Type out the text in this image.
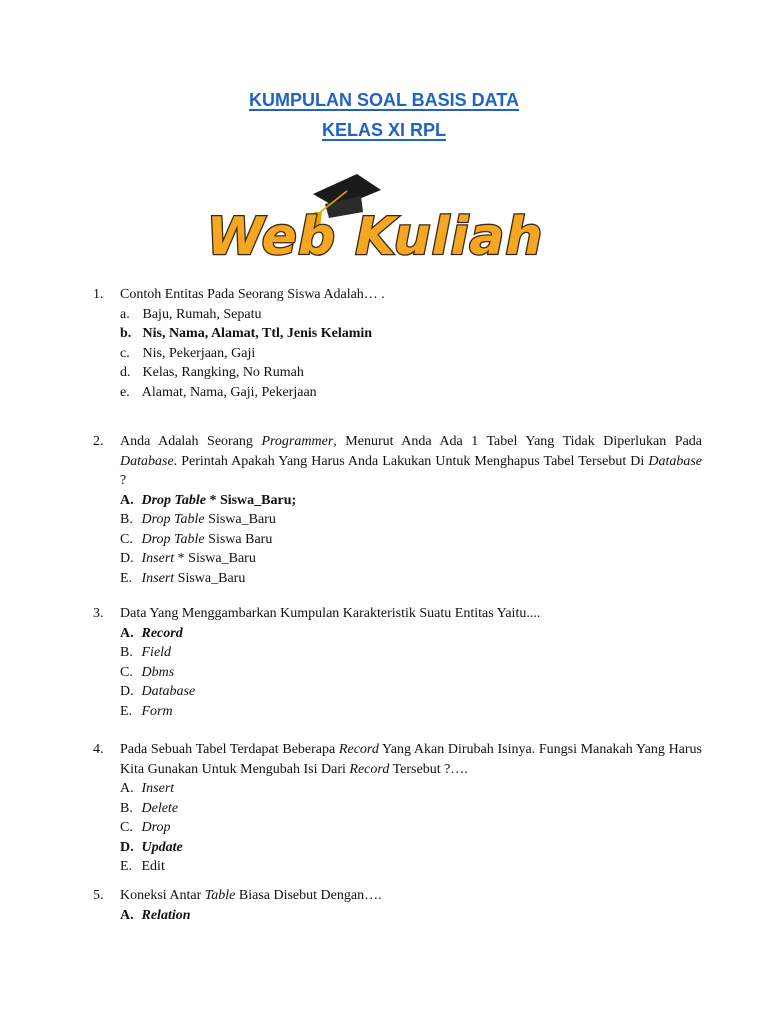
KUMPULAN SOAL BASIS DATA
KELAS XI RPL
Web Kuliah
1. Contoh Entitas Pada Seorang Siswa Adalah… .
a. Baju, Rumah, Sepatu
b. Nis, Nama, Alamat, Ttl, Jenis Kelamin
c. Nis, Pekerjaan, Gaji
d. Kelas, Rangking, No Rumah
e. Alamat, Nama, Gaji, Pekerjaan
2. Anda Adalah Seorang Programmer, Menurut Anda Ada 1 Tabel Yang Tidak Diperlukan Pada Database. Perintah Apakah Yang Harus Anda Lakukan Untuk Menghapus Tabel Tersebut Di Database ?
A. Drop Table * Siswa_Baru;
B. Drop Table Siswa_Baru
C. Drop Table Siswa Baru
D. Insert * Siswa_Baru
E. Insert Siswa_Baru
3. Data Yang Menggambarkan Kumpulan Karakteristik Suatu Entitas Yaitu....
A. Record
B. Field
C. Dbms
D. Database
E. Form
4. Pada Sebuah Tabel Terdapat Beberapa Record Yang Akan Dirubah Isinya. Fungsi Manakah Yang Harus Kita Gunakan Untuk Mengubah Isi Dari Record Tersebut ?….
A. Insert
B. Delete
C. Drop
D. Update
E. Edit
5. Koneksi Antar Table Biasa Disebut Dengan….
A. Relation
